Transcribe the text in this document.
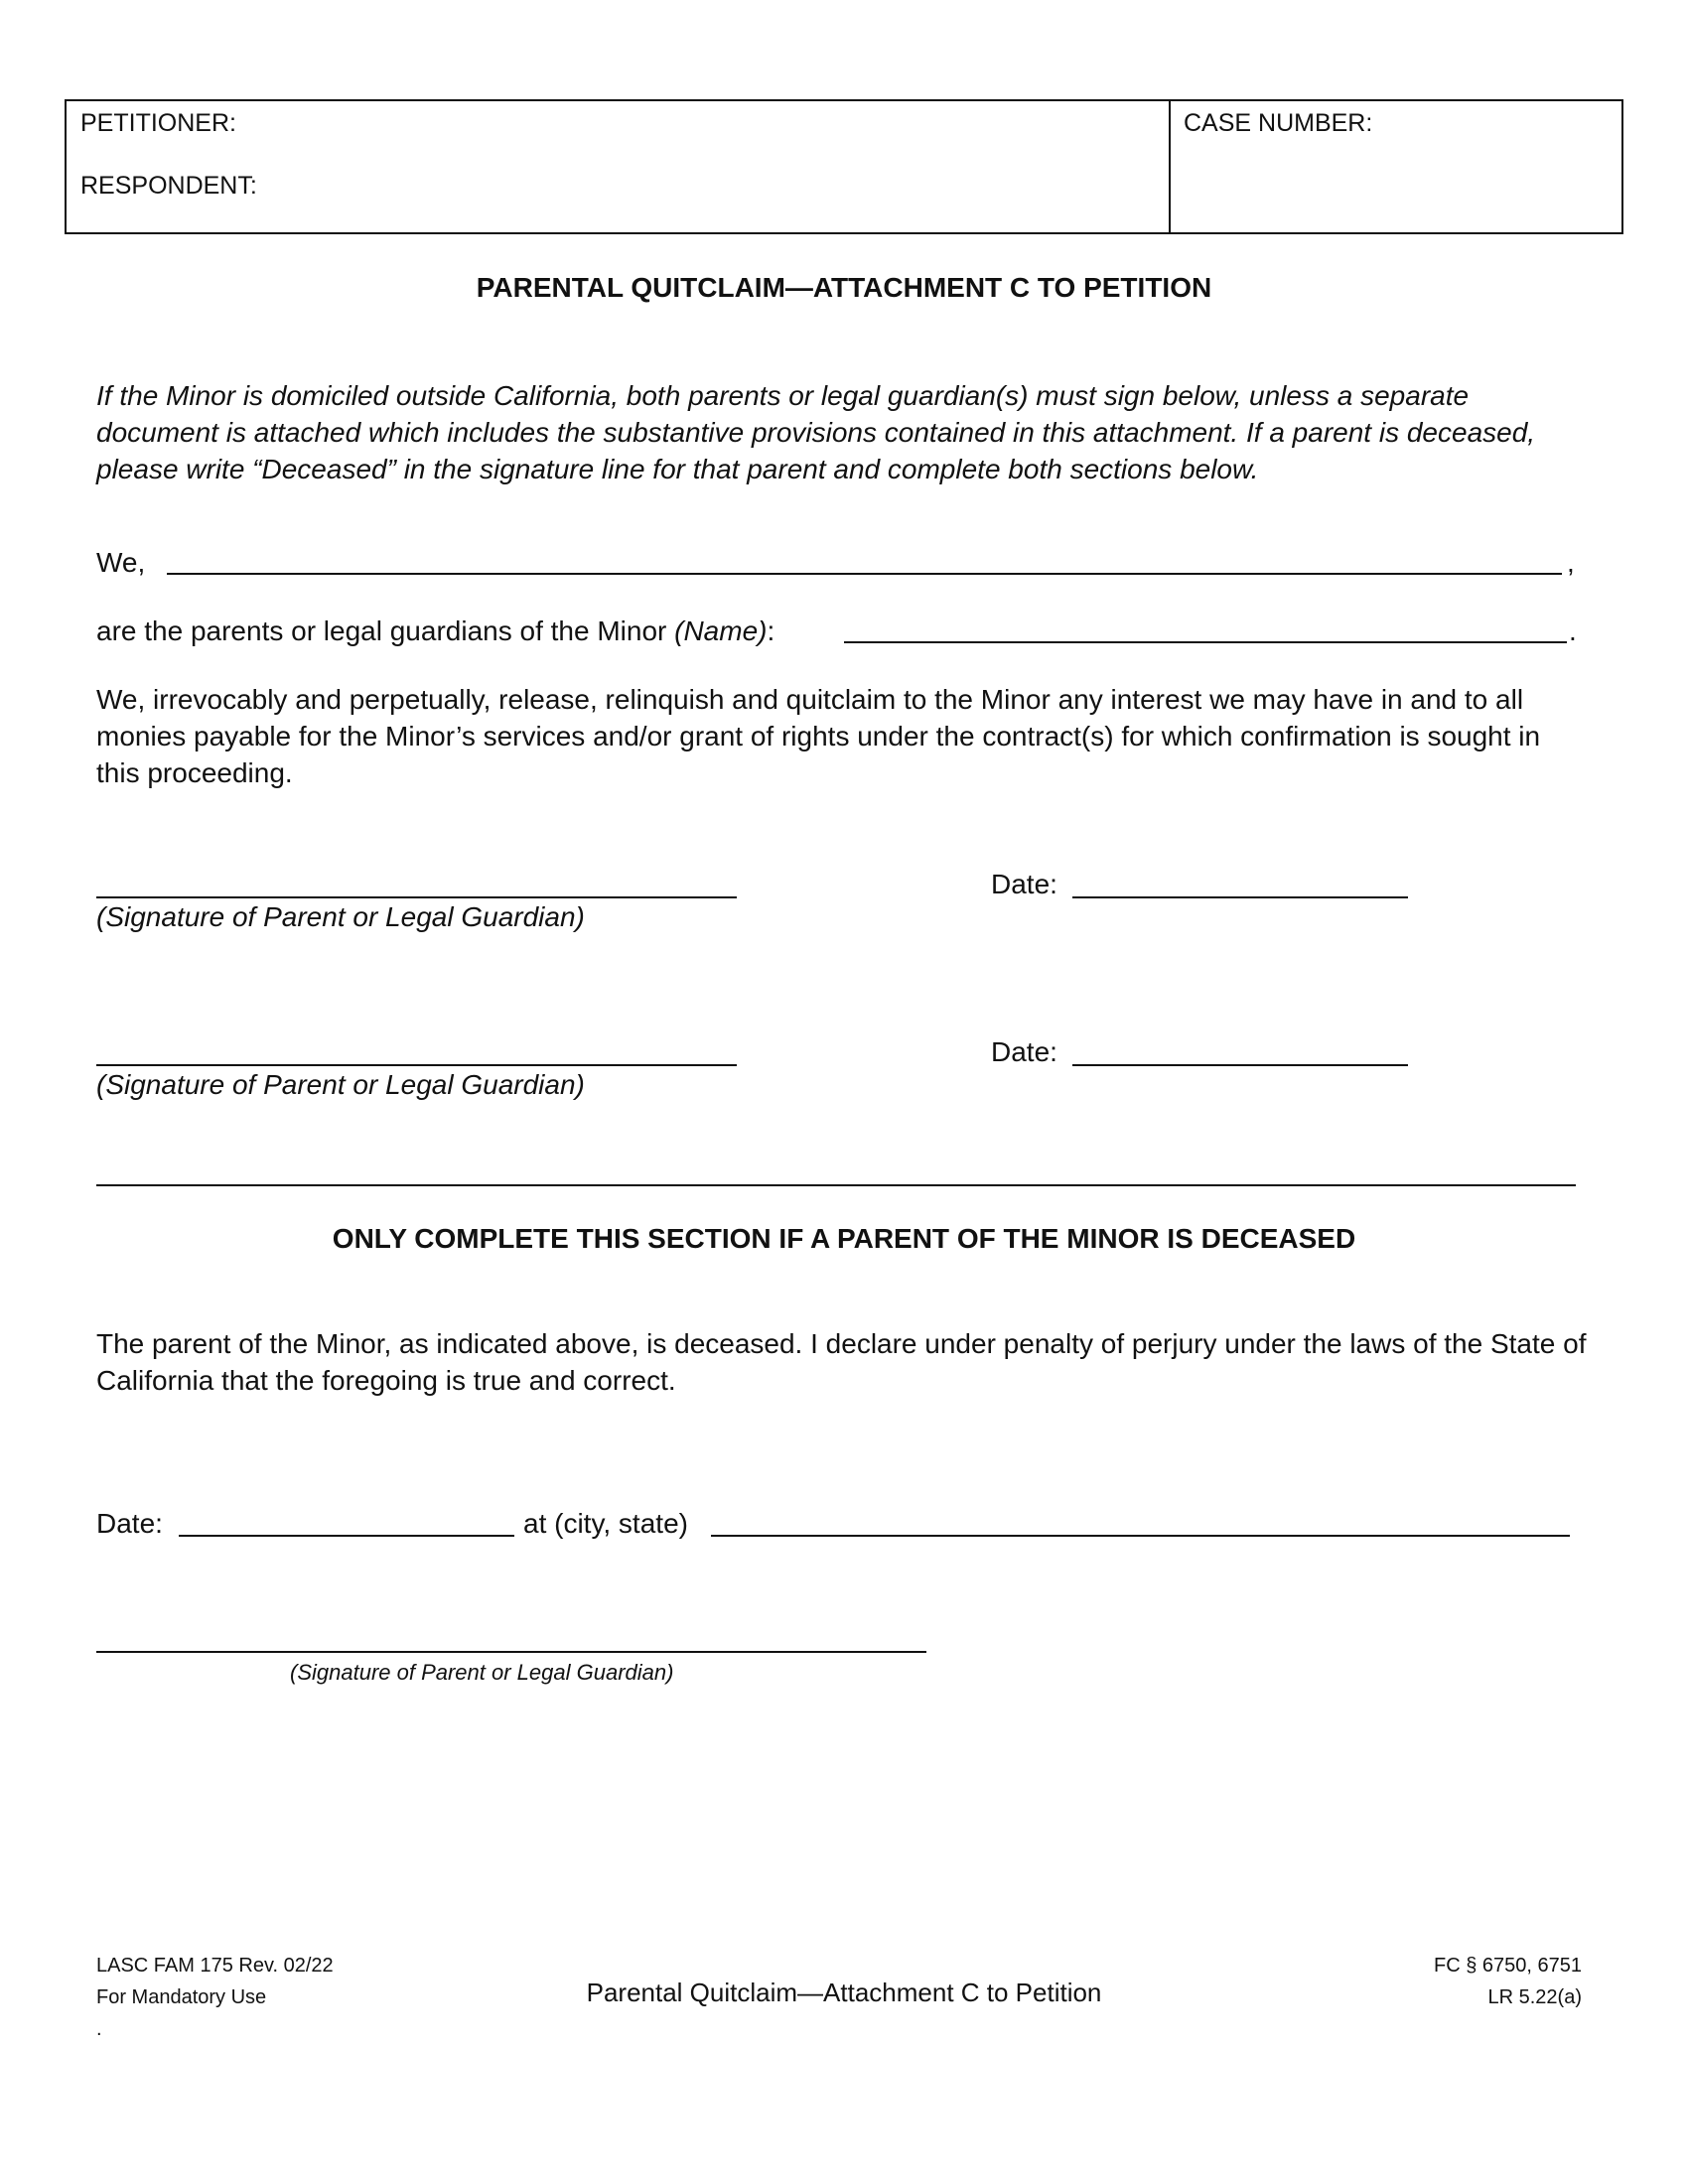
PETITIONER:
RESPONDENT:
CASE NUMBER:
PARENTAL QUITCLAIM—ATTACHMENT C TO PETITION
If the Minor is domiciled outside California, both parents or legal guardian(s) must sign below, unless a separate document is attached which includes the substantive provisions contained in this attachment. If a parent is deceased, please write “Deceased” in the signature line for that parent and complete both sections below.
We,	,
are the parents or legal guardians of the Minor (Name):	.
We, irrevocably and perpetually, release, relinquish and quitclaim to the Minor any interest we may have in and to all monies payable for the Minor’s services and/or grant of rights under the contract(s) for which confirmation is sought in this proceeding.
(Signature of Parent or Legal Guardian)
Date:
(Signature of Parent or Legal Guardian)
Date:
ONLY COMPLETE THIS SECTION IF A PARENT OF THE MINOR IS DECEASED
The parent of the Minor, as indicated above, is deceased. I declare under penalty of perjury under the laws of the State of California that the foregoing is true and correct.
Date:	at (city, state)
(Signature of Parent or Legal Guardian)
LASC FAM 175 Rev. 02/22
For Mandatory Use
.
Parental Quitclaim—Attachment C to Petition
FC § 6750, 6751
LR 5.22(a)
